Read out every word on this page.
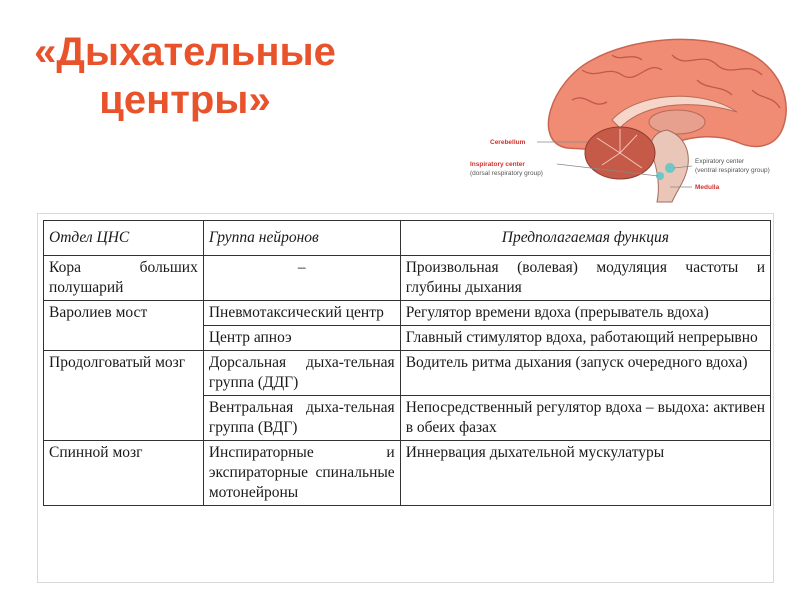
«Дыхательные
центры»
Cerebellum
Inspiratory center
(dorsal respiratory group)
Expiratory center
(ventral respiratory group)
Medulla
Отдел ЦНС	Группа нейронов	Предполагаемая функция
Кора больших полушарий	–	Произвольная (волевая) модуляция частоты и глубины дыхания
Варолиев мост	Пневмотаксический центр	Регулятор времени вдоха (прерыватель вдоха)
	Центр апноэ	Главный стимулятор вдоха, работающий непрерывно
Продолговатый мозг	Дорсальная дыха-тельная группа (ДДГ)	Водитель ритма дыхания (запуск очередного вдоха)
	Вентральная дыха-тельная группа (ВДГ)	Непосредственный регулятор вдоха – выдоха: активен в обеих фазах
Спинной мозг	Инспираторные и экспираторные спинальные мотонейроны	Иннервация дыхательной мускулатуры
